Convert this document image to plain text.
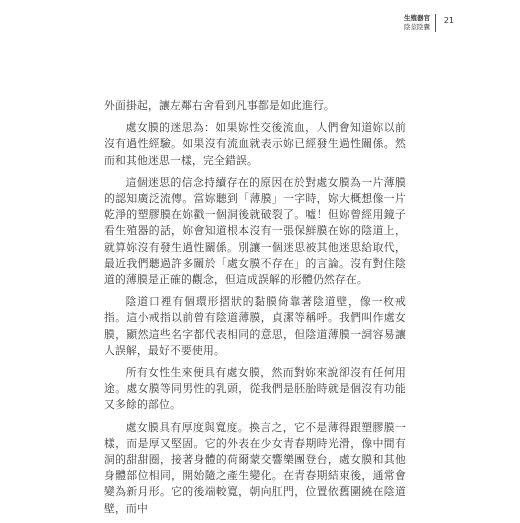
生殖器官
陰莖陰囊
21

外面掛起，讓左鄰右舍看到凡事都是如此進行。

處女膜的迷思為：如果妳性交後流血，人們會知道妳以前沒有過性經驗。如果沒有流血就表示妳已經發生過性關係。然而和其他迷思一樣，完全錯誤。

這個迷思的信念持續存在的原因在於對處女膜為一片薄膜的認知廣泛流傳。當妳聽到「薄膜」一字時，妳大概想像一片乾淨的塑膠膜在妳戳一個洞後就破裂了。噓！但妳曾經用鏡子看生殖器的話，妳會知道根本沒有一張保鮮膜在妳的陰道上，就算妳沒有發生過性關係。別讓一個迷思被其他迷思給取代，最近我們聽過許多關於「處女膜不存在」的言論。沒有對住陰道的薄膜是正確的觀念，但這成誤解的形體仍然存在。

陰道口裡有個環形摺狀的黏膜倚靠著陰道壁，像一枚戒指。這小戒指以前曾有陰道薄膜，貞潔等稱呼。我們叫作處女膜，顯然這些名字都代表相同的意思，但陰道薄膜一詞容易讓人誤解，最好不要使用。

所有女性生來便具有處女膜，然而對妳來說卻沒有任何用途。處女膜等同男性的乳頭，從我們是胚胎時就是個沒有功能又多餘的部位。

處女膜具有厚度與寬度。換言之，它不是薄得跟塑膠膜一樣，而是厚又堅固。它的外表在少女青春期時光滑，像中間有洞的甜甜圈，接著身體的荷爾蒙交響樂團登台，處女膜和其他身體部位相同，開始隨之產生變化。在青春期結束後，通常會變為新月形。它的後端較寬，朝向肛門，位置依舊圍繞在陰道壁，而中
